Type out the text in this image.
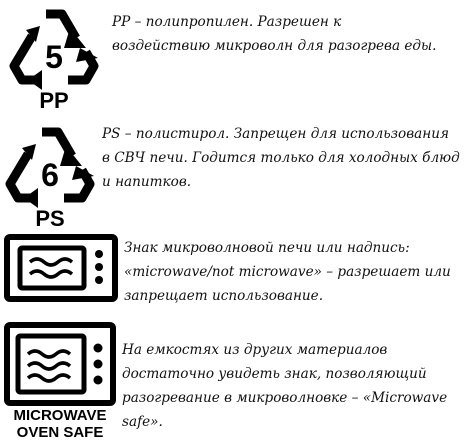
5
PP
PP – полипропилен. Разрешен к
воздействию микроволн для разогрева еды.
6
PS
PS – полистирол. Запрещен для использования
в СВЧ печи. Годится только для холодных блюд
и напитков.
Знак микроволновой печи или надпись:
«microwave/not microwave» – разрешает или
запрещает использование.
MICROWAVE
OVEN SAFE
На емкостях из других материалов
достаточно увидеть знак, позволяющий
разогревание в микроволновке – «Microwave
safe».
